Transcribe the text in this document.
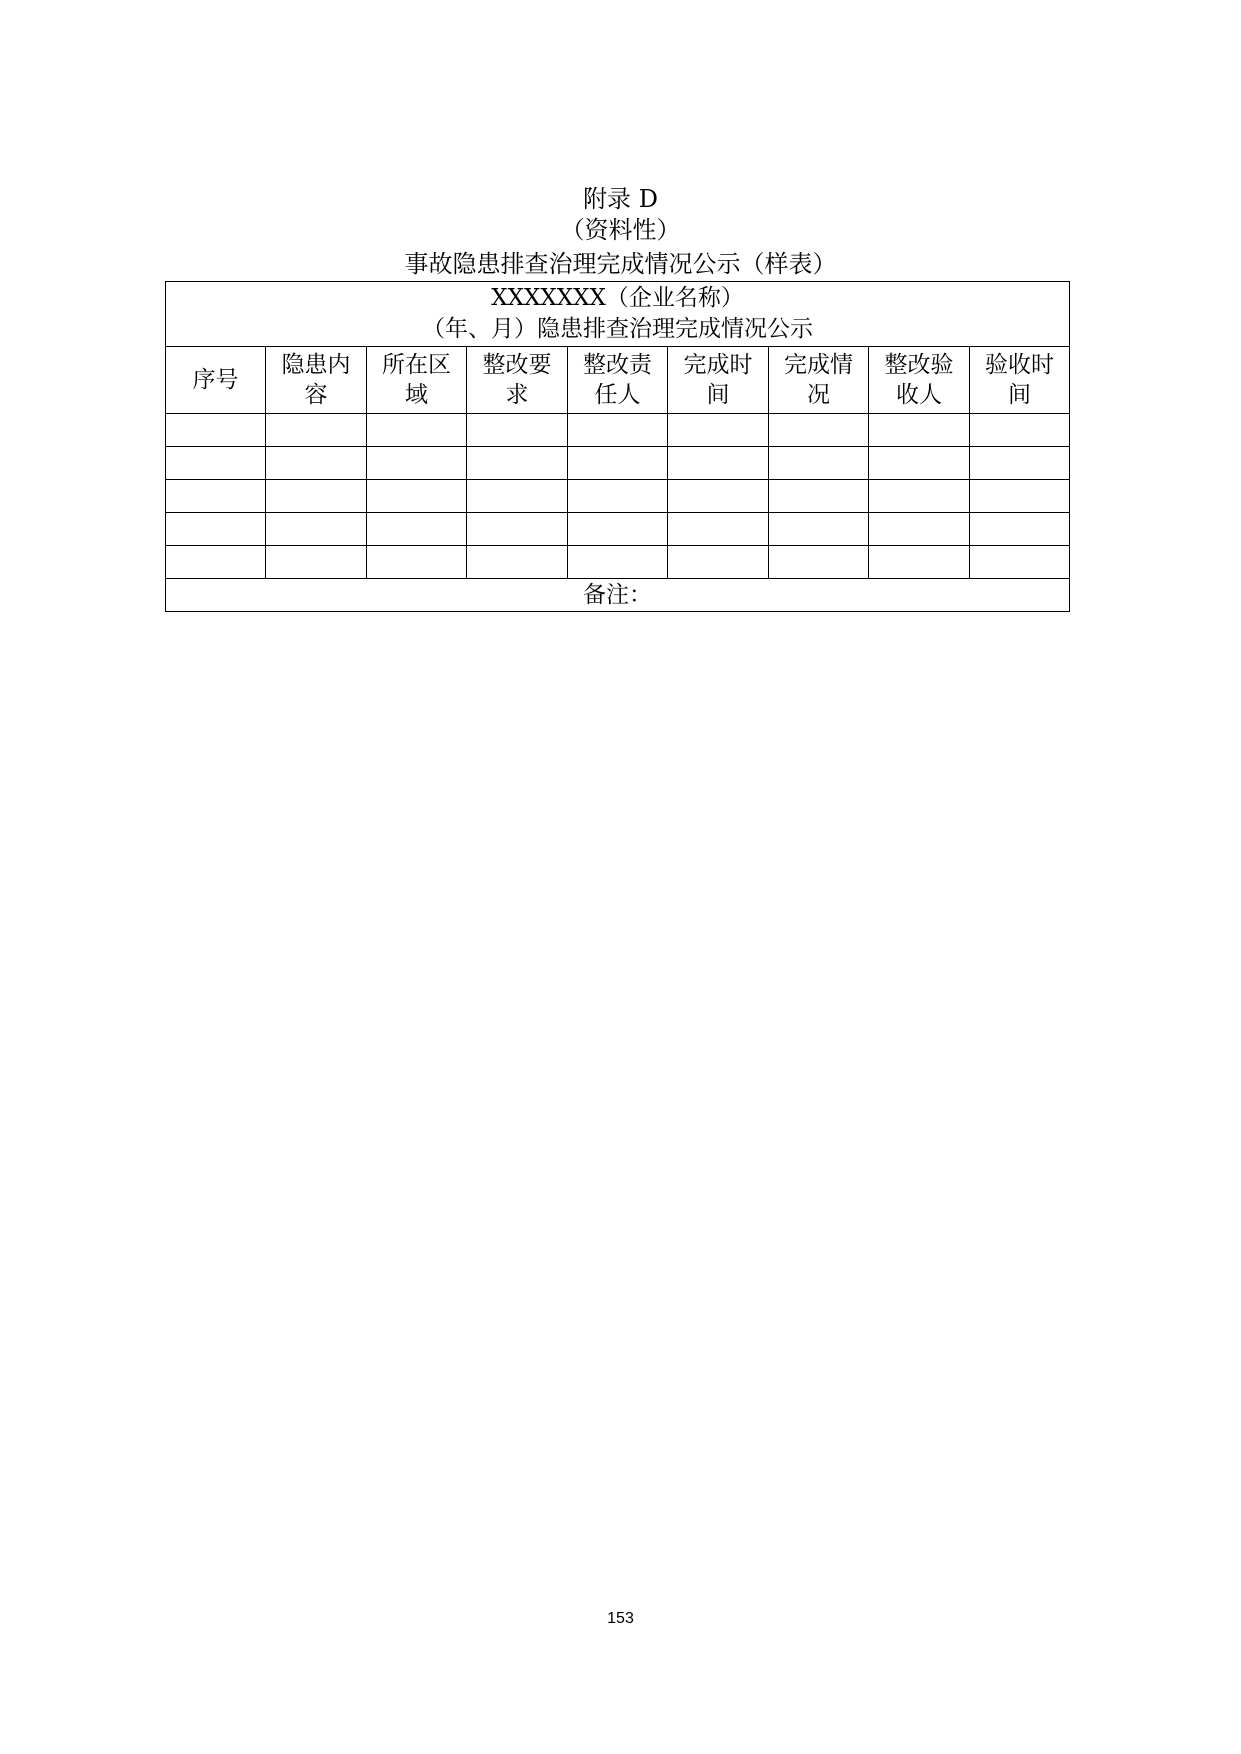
附录 D
（资料性）
事故隐患排查治理完成情况公示（样表）
XXXXXXX（企业名称）
（年、月）隐患排查治理完成情况公示								

序号	隐患内容	所在区域	整改要求	整改责任人	完成时间	完成情况	整改验收人	验收时间

备注：								
153
